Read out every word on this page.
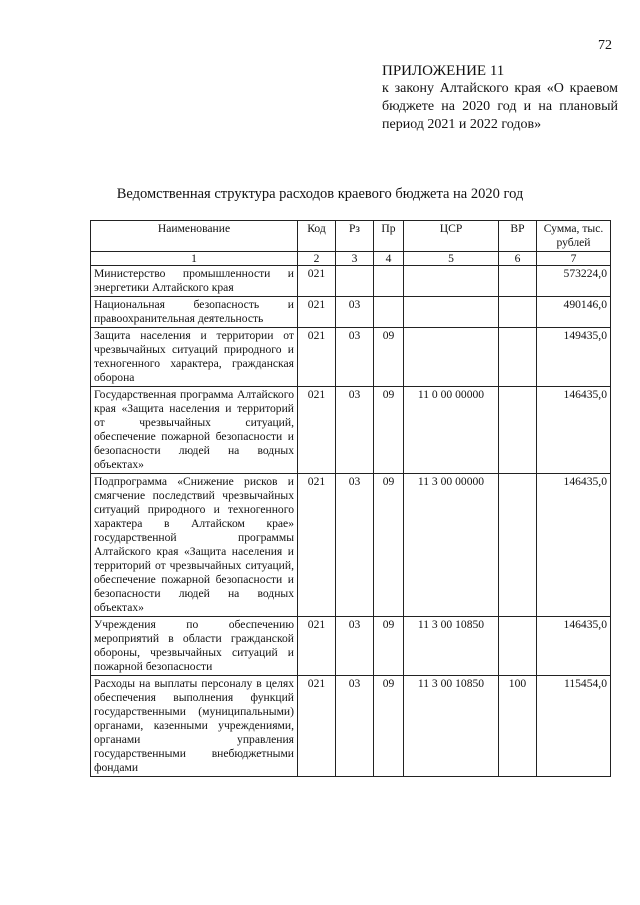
72
ПРИЛОЖЕНИЕ 11
к закону Алтайского края «О краевом бюджете на 2020 год и на плановый период 2021 и 2022 годов»
Ведомственная структура расходов краевого бюджета на 2020 год
Наименование	Код	Рз	Пр	ЦСР	ВР	Сумма, тыс. рублей
1	2	3	4	5	6	7
Министерство промышленности и энергетики Алтайского края	021					573224,0
Национальная безопасность и правоохранительная деятельность	021	03				490146,0
Защита населения и территории от чрезвычайных ситуаций природного и техногенного характера, гражданская оборона	021	03	09			149435,0
Государственная программа Алтайского края «Защита населения и территорий от чрезвычайных ситуаций, обеспечение пожарной безопасности и безопасности людей на водных объектах»	021	03	09	11 0 00 00000		146435,0
Подпрограмма «Снижение рисков и смягчение последствий чрезвычайных ситуаций природного и техногенного характера в Алтайском крае» государственной программы Алтайского края «Защита населения и территорий от чрезвычайных ситуаций, обеспечение пожарной безопасности и безопасности людей на водных объектах»	021	03	09	11 3 00 00000		146435,0
Учреждения по обеспечению мероприятий в области гражданской обороны, чрезвычайных ситуаций и пожарной безопасности	021	03	09	11 3 00 10850		146435,0
Расходы на выплаты персоналу в целях обеспечения выполнения функций государственными (муниципальными) органами, казенными учреждениями, органами управления государственными внебюджетными фондами	021	03	09	11 3 00 10850	100	115454,0
